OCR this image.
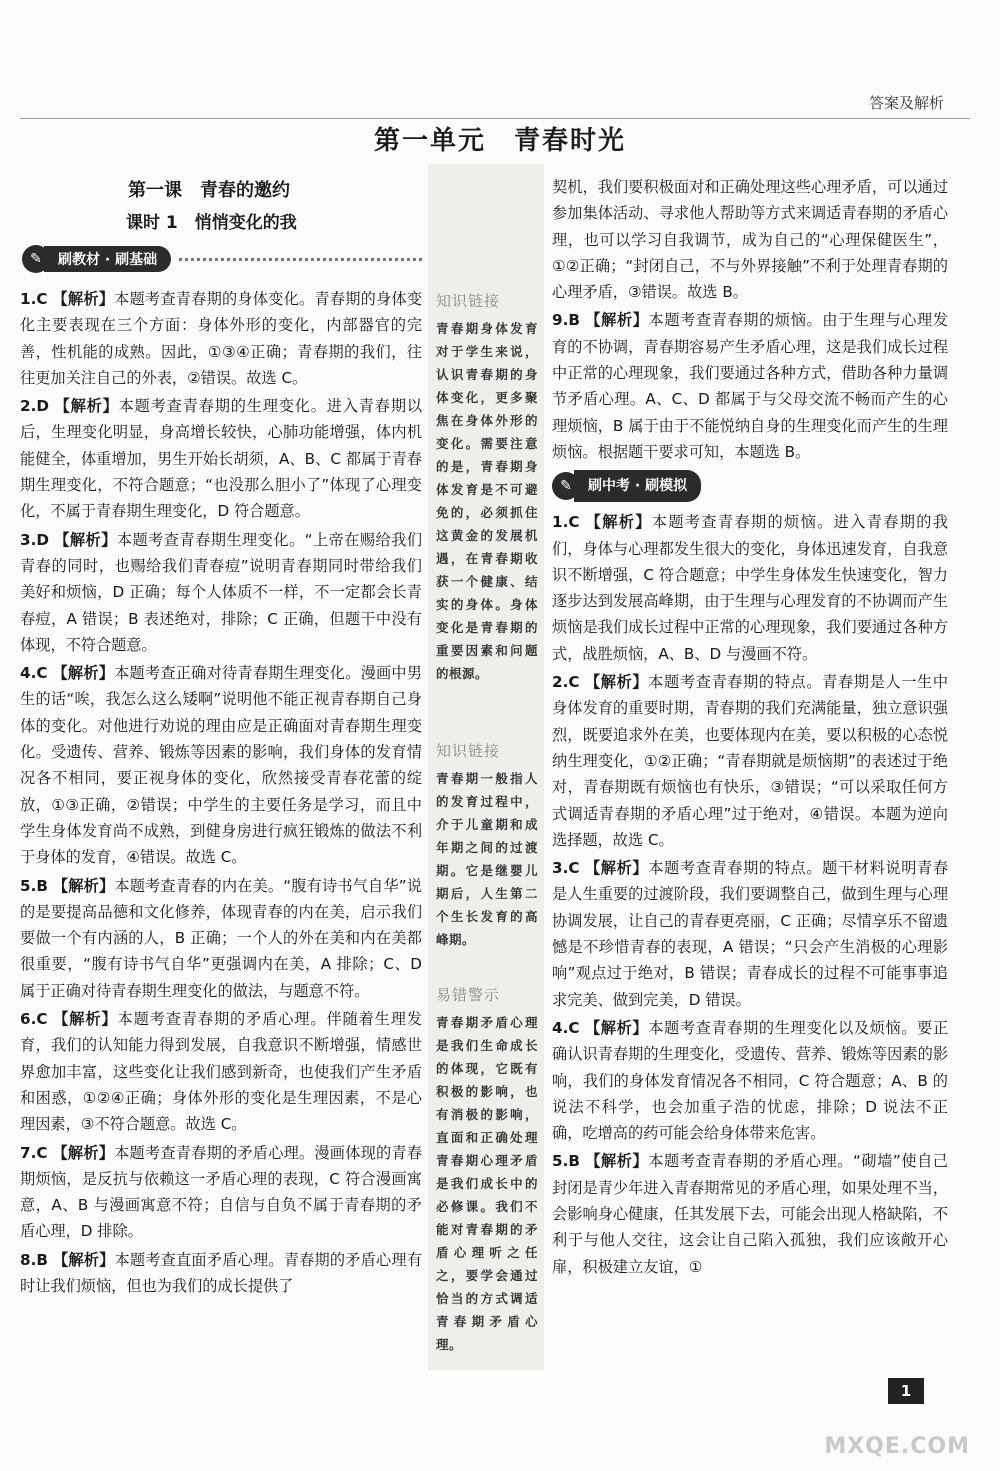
答案及解析
第一单元　青春时光
第一课　青春的邀约
课时 1　悄悄变化的我
✎	刷教材 · 刷基础

1.C 【解析】本题考查青春期的身体变化。青春期的身体变化主要表现在三个方面：身体外形的变化，内部器官的完善，性机能的成熟。因此，①③④正确；青春期的我们，往往更加关注自己的外表，②错误。故选 C。

2.D 【解析】本题考查青春期的生理变化。进入青春期以后，生理变化明显，身高增长较快，心肺功能增强，体内机能健全，体重增加，男生开始长胡须，A、B、C 都属于青春期生理变化，不符合题意；“也没那么胆小了”体现了心理变化，不属于青春期生理变化，D 符合题意。

3.D 【解析】本题考查青春期生理变化。“上帝在赐给我们青春的同时，也赐给我们青春痘”说明青春期同时带给我们美好和烦恼，D 正确；每个人体质不一样，不一定都会长青春痘，A 错误；B 表述绝对，排除；C 正确，但题干中没有体现，不符合题意。

4.C 【解析】本题考查正确对待青春期生理变化。漫画中男生的话“唉，我怎么这么矮啊”说明他不能正视青春期自己身体的变化。对他进行劝说的理由应是正确面对青春期生理变化。受遗传、营养、锻炼等因素的影响，我们身体的发育情况各不相同，要正视身体的变化，欣然接受青春花蕾的绽放，①③正确，②错误；中学生的主要任务是学习，而且中学生身体发育尚不成熟，到健身房进行疯狂锻炼的做法不利于身体的发育，④错误。故选 C。

5.B 【解析】本题考查青春的内在美。“腹有诗书气自华”说的是要提高品德和文化修养，体现青春的内在美，启示我们要做一个有内涵的人，B 正确；一个人的外在美和内在美都很重要，“腹有诗书气自华”更强调内在美，A 排除；C、D 属于正确对待青春期生理变化的做法，与题意不符。

6.C 【解析】本题考查青春期的矛盾心理。伴随着生理发育，我们的认知能力得到发展，自我意识不断增强，情感世界愈加丰富，这些变化让我们感到新奇，也使我们产生矛盾和困惑，①②④正确；身体外形的变化是生理因素，不是心理因素，③不符合题意。故选 C。

7.C 【解析】本题考查青春期的矛盾心理。漫画体现的青春期烦恼，是反抗与依赖这一矛盾心理的表现，C 符合漫画寓意，A、B 与漫画寓意不符；自信与自负不属于青春期的矛盾心理，D 排除。

8.B 【解析】本题考查直面矛盾心理。青春期的矛盾心理有时让我们烦恼，但也为我们的成长提供了

知识链接
青春期身体发育对于学生来说，认识青春期的身体变化，更多聚焦在身体外形的变化。需要注意的是，青春期身体发育是不可避免的，必须抓住这黄金的发展机遇，在青春期收获一个健康、结实的身体。身体变化是青春期的重要因素和问题的根源。
知识链接
青春期一般指人的发育过程中，介于儿童期和成年期之间的过渡期。它是继婴儿期后，人生第二个生长发育的高峰期。
易错警示
青春期矛盾心理是我们生命成长的体现，它既有积极的影响，也有消极的影响，直面和正确处理青春期心理矛盾是我们成长中的必修课。我们不能对青春期的矛盾心理听之任之，要学会通过恰当的方式调适青春期矛盾心理。

契机，我们要积极面对和正确处理这些心理矛盾，可以通过参加集体活动、寻求他人帮助等方式来调适青春期的矛盾心理，也可以学习自我调节，成为自己的“心理保健医生”，①②正确；“封闭自己，不与外界接触”不利于处理青春期的心理矛盾，③错误。故选 B。

9.B 【解析】本题考查青春期的烦恼。由于生理与心理发育的不协调，青春期容易产生矛盾心理，这是我们成长过程中正常的心理现象，我们要通过各种方式，借助各种力量调节矛盾心理。A、C、D 都属于与父母交流不畅而产生的心理烦恼，B 属于由于不能悦纳自身的生理变化而产生的生理烦恼。根据题干要求可知，本题选 B。

✎	刷中考 · 刷模拟

1.C 【解析】本题考查青春期的烦恼。进入青春期的我们，身体与心理都发生很大的变化，身体迅速发育，自我意识不断增强，C 符合题意；中学生身体发生快速变化，智力逐步达到发展高峰期，由于生理与心理发育的不协调而产生烦恼是我们成长过程中正常的心理现象，我们要通过各种方式，战胜烦恼，A、B、D 与漫画不符。

2.C 【解析】本题考查青春期的特点。青春期是人一生中身体发育的重要时期，青春期的我们充满能量，独立意识强烈，既要追求外在美，也要体现内在美，要以积极的心态悦纳生理变化，①②正确；“青春期就是烦恼期”的表述过于绝对，青春期既有烦恼也有快乐，③错误；“可以采取任何方式调适青春期的矛盾心理”过于绝对，④错误。本题为逆向选择题，故选 C。

3.C 【解析】本题考查青春期的特点。题干材料说明青春是人生重要的过渡阶段，我们要调整自己，做到生理与心理协调发展，让自己的青春更亮丽，C 正确；尽情享乐不留遗憾是不珍惜青春的表现，A 错误；“只会产生消极的心理影响”观点过于绝对，B 错误；青春成长的过程不可能事事追求完美、做到完美，D 错误。

4.C 【解析】本题考查青春期的生理变化以及烦恼。要正确认识青春期的生理变化，受遗传、营养、锻炼等因素的影响，我们的身体发育情况各不相同，C 符合题意；A、B 的说法不科学，也会加重子浩的忧虑，排除；D 说法不正确，吃增高的药可能会给身体带来危害。

5.B 【解析】本题考查青春期的矛盾心理。“砌墙”使自己封闭是青少年进入青春期常见的矛盾心理，如果处理不当，会影响身心健康，任其发展下去，可能会出现人格缺陷，不利于与他人交往，这会让自己陷入孤独，我们应该敞开心扉，积极建立友谊，①

1
MXQE.COM
